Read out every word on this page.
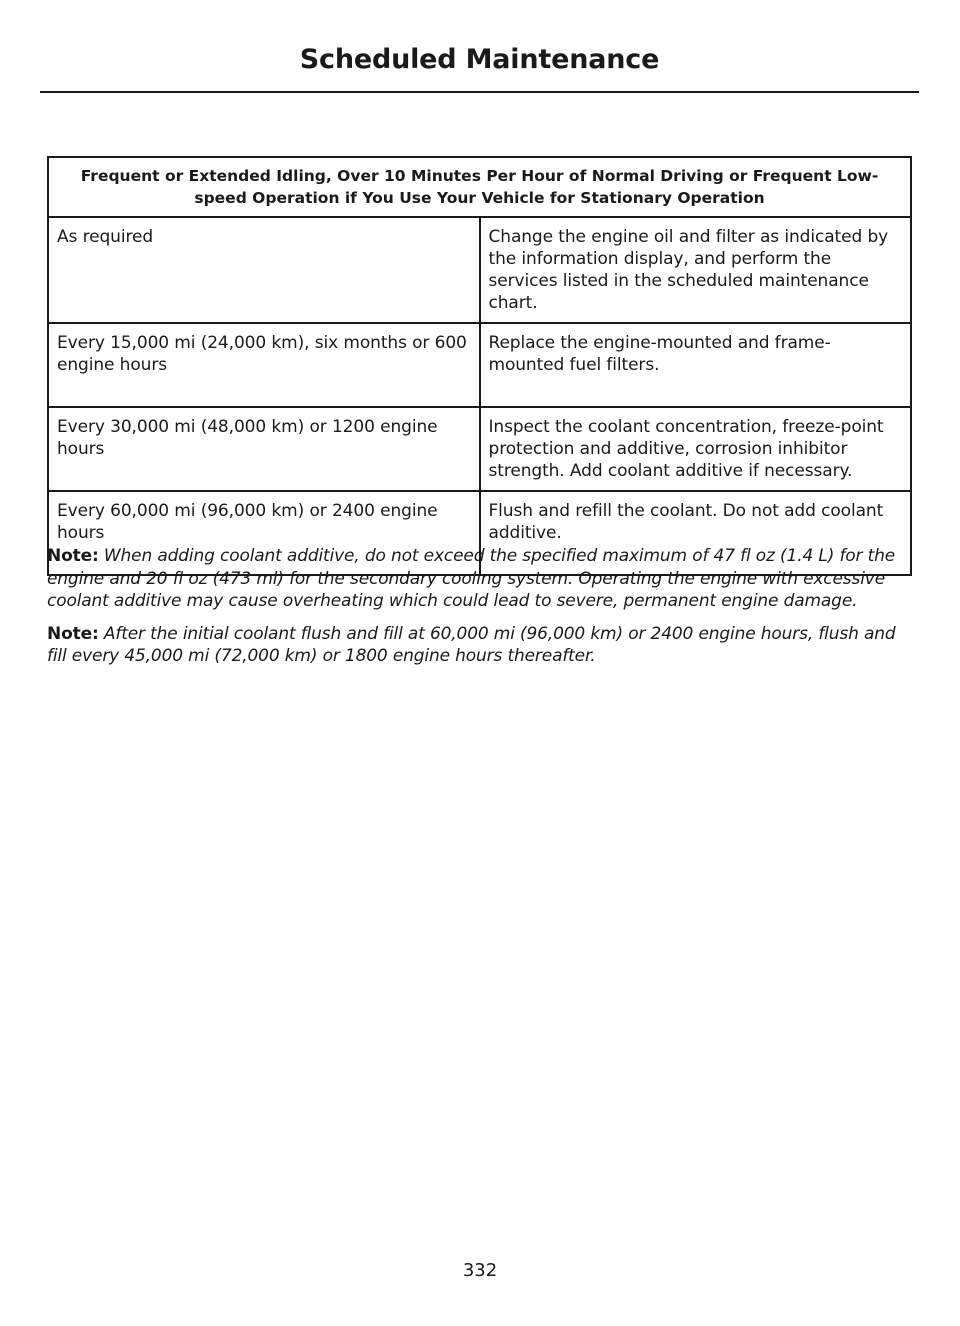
Scheduled Maintenance
Frequent or Extended Idling, Over 10 Minutes Per Hour of Normal Driving or Frequent Low-speed Operation if You Use Your Vehicle for Stationary Operation	
As required	Change the engine oil and filter as indicated by the information display, and perform the services listed in the scheduled maintenance chart.
Every 15,000 mi (24,000 km), six months or 600 engine hours	Replace the engine-mounted and frame-mounted fuel filters.
Every 30,000 mi (48,000 km) or 1200 engine hours	Inspect the coolant concentration, freeze-point protection and additive, corrosion inhibitor strength. Add coolant additive if necessary.
Every 60,000 mi (96,000 km) or 2400 engine hours	Flush and refill the coolant. Do not add coolant additive.

Note: When adding coolant additive, do not exceed the specified maximum of 47 fl oz (1.4 L) for the engine and 20 fl oz (473 ml) for the secondary cooling system. Operating the engine with excessive coolant additive may cause overheating which could lead to severe, permanent engine damage.

Note: After the initial coolant flush and fill at 60,000 mi (96,000 km) or 2400 engine hours, flush and fill every 45,000 mi (72,000 km) or 1800 engine hours thereafter.

332
